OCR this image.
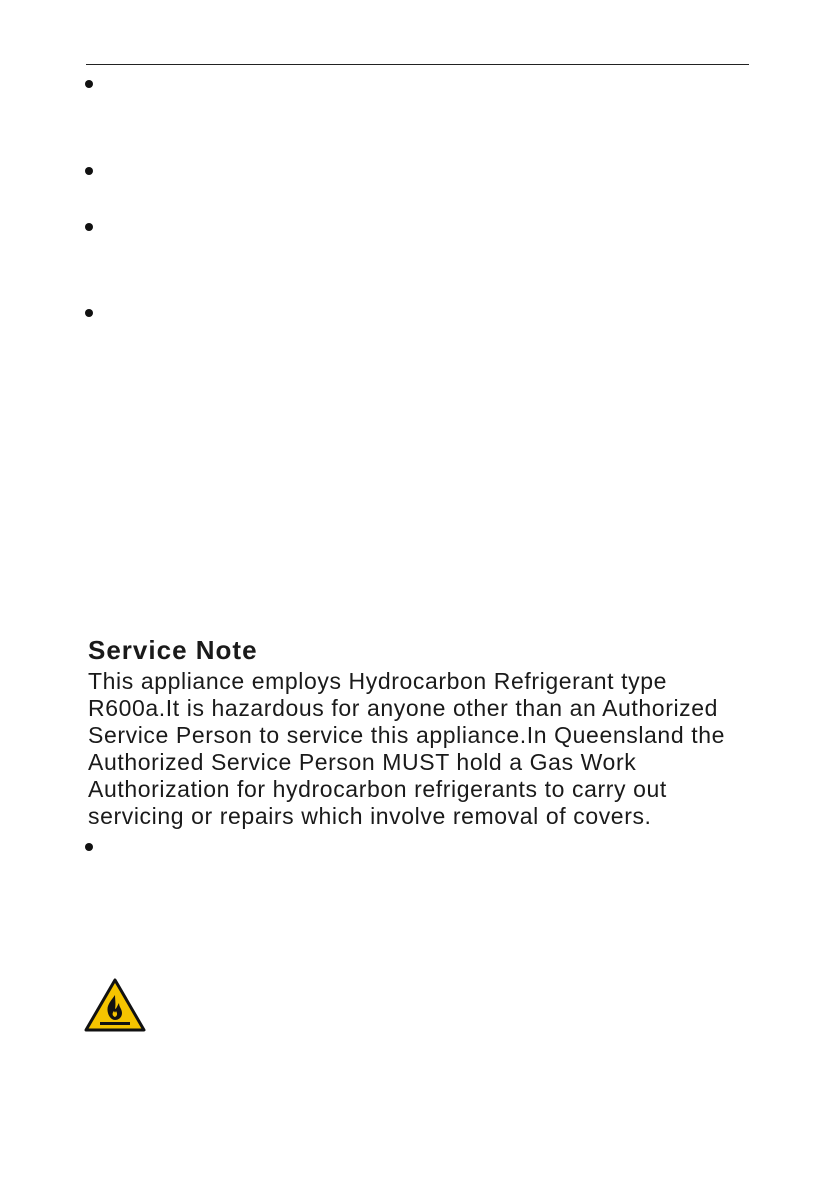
Service Note
This appliance employs Hydrocarbon Refrigerant type
R600a.It is hazardous for anyone other than an Authorized
Service Person to service this appliance.In Queensland the
Authorized Service Person MUST hold a Gas Work
Authorization for hydrocarbon refrigerants to carry out
servicing or repairs which involve removal of covers.
